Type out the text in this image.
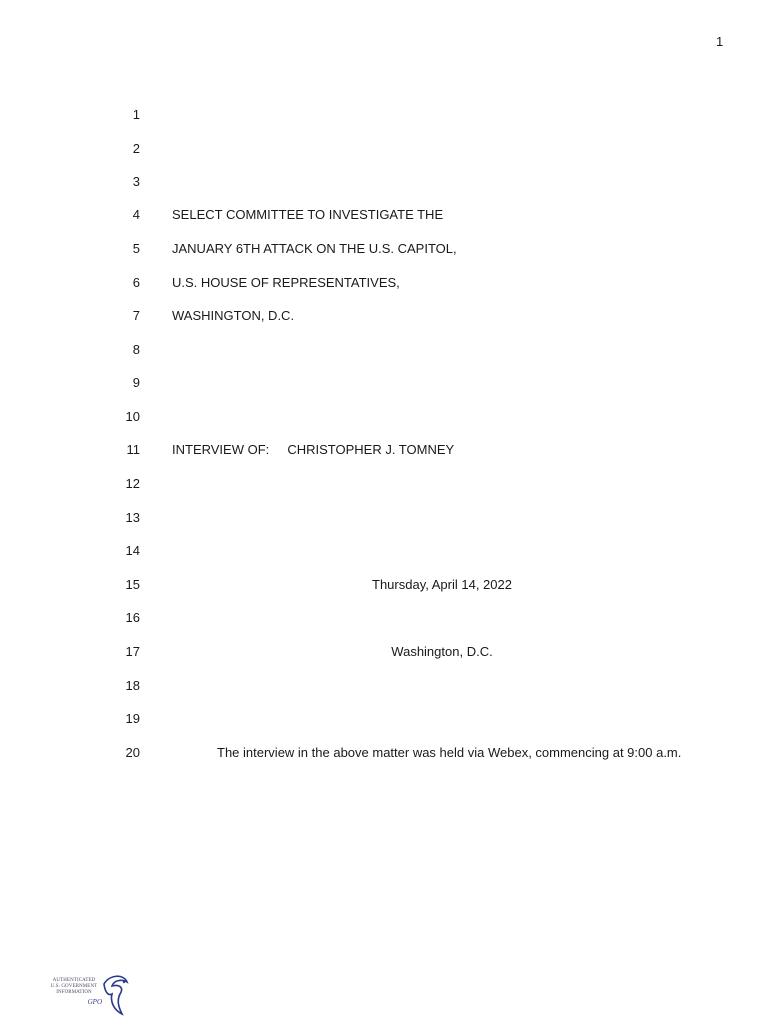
1
1
2
3
4 SELECT COMMITTEE TO INVESTIGATE THE
5 JANUARY 6TH ATTACK ON THE U.S. CAPITOL,
6 U.S. HOUSE OF REPRESENTATIVES,
7 WASHINGTON, D.C.
8
9
10
11 INTERVIEW OF:     CHRISTOPHER J. TOMNEY
12
13
14
15	Thursday, April 14, 2022
16
17	Washington, D.C.
18
19
20	The interview in the above matter was held via Webex, commencing at 9:00 a.m.
AUTHENTICATED
U.S. GOVERNMENT
INFORMATION
GPO
